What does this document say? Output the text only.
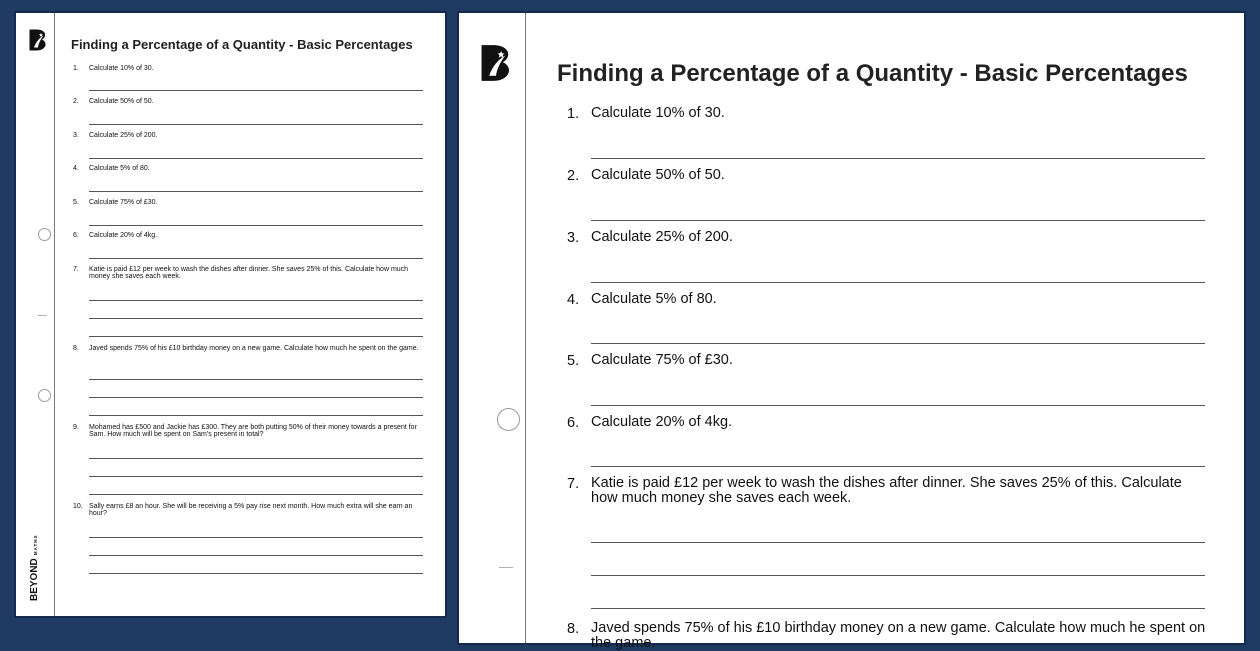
BEYONDMATHS
Finding a Percentage of a Quantity - Basic Percentages
1. Calculate 10% of 30.
2. Calculate 50% of 50.
3. Calculate 25% of 200.
4. Calculate 5% of 80.
5. Calculate 75% of £30.
6. Calculate 20% of 4kg.
7. Katie is paid £12 per week to wash the dishes after dinner. She saves 25% of this. Calculate how much money she saves each week.
8. Javed spends 75% of his £10 birthday money on a new game. Calculate how much he spent on the game.
9. Mohamed has £500 and Jackie has £300. They are both putting 50% of their money towards a present for Sam. How much will be spent on Sam's present in total?
10. Sally earns £8 an hour. She will be receiving a 5% pay rise next month. How much extra will she earn an hour?
Finding a Percentage of a Quantity - Basic Percentages
1. Calculate 10% of 30.
2. Calculate 50% of 50.
3. Calculate 25% of 200.
4. Calculate 5% of 80.
5. Calculate 75% of £30.
6. Calculate 20% of 4kg.
7. Katie is paid £12 per week to wash the dishes after dinner. She saves 25% of this. Calculate how much money she saves each week.
8. Javed spends 75% of his £10 birthday money on a new game. Calculate how much he spent on the game.
